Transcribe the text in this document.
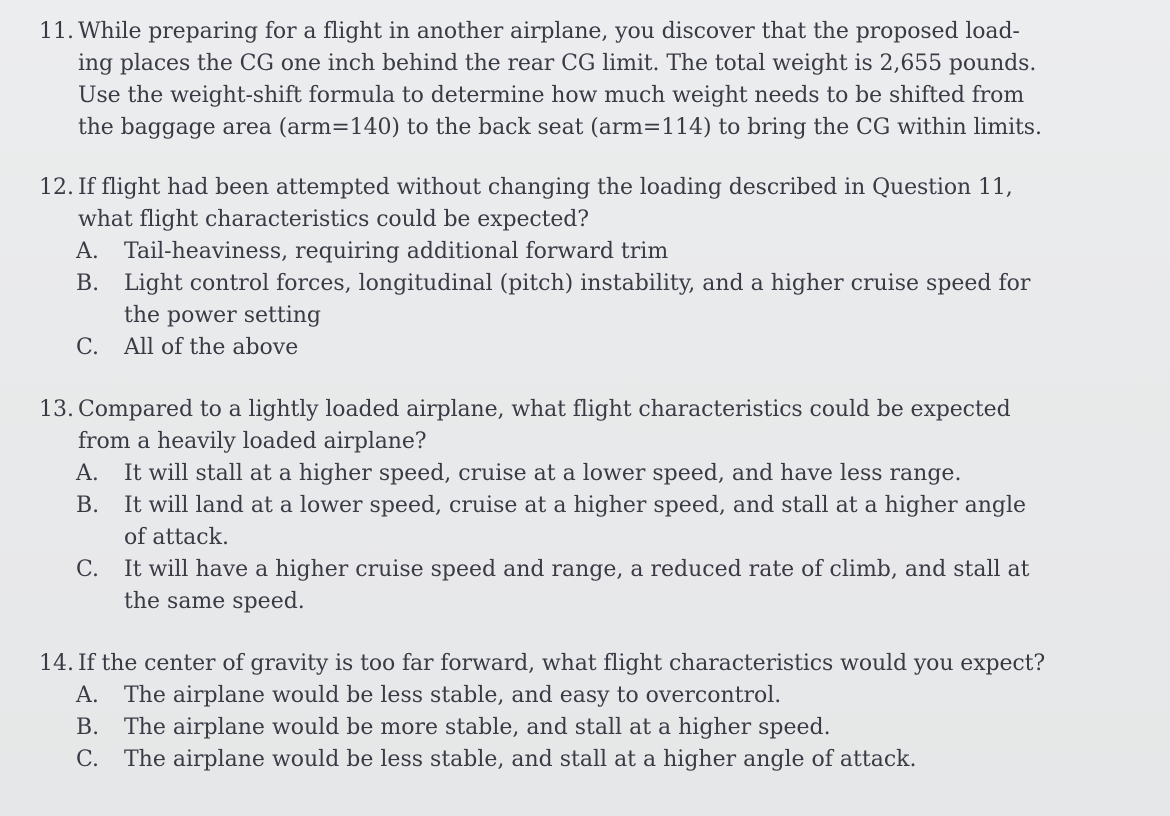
11. While preparing for a flight in another airplane, you discover that the proposed load-
ing places the CG one inch behind the rear CG limit. The total weight is 2,655 pounds.
Use the weight-shift formula to determine how much weight needs to be shifted from
the baggage area (arm=140) to the back seat (arm=114) to bring the CG within limits.
12. If flight had been attempted without changing the loading described in Question 11,
what flight characteristics could be expected?
A.	Tail-heaviness, requiring additional forward trim
B.	Light control forces, longitudinal (pitch) instability, and a higher cruise speed for
the power setting
C.	All of the above
13. Compared to a lightly loaded airplane, what flight characteristics could be expected
from a heavily loaded airplane?
A.	It will stall at a higher speed, cruise at a lower speed, and have less range.
B.	It will land at a lower speed, cruise at a higher speed, and stall at a higher angle
of attack.
C.	It will have a higher cruise speed and range, a reduced rate of climb, and stall at
the same speed.
14. If the center of gravity is too far forward, what flight characteristics would you expect?
A.	The airplane would be less stable, and easy to overcontrol.
B.	The airplane would be more stable, and stall at a higher speed.
C.	The airplane would be less stable, and stall at a higher angle of attack.
